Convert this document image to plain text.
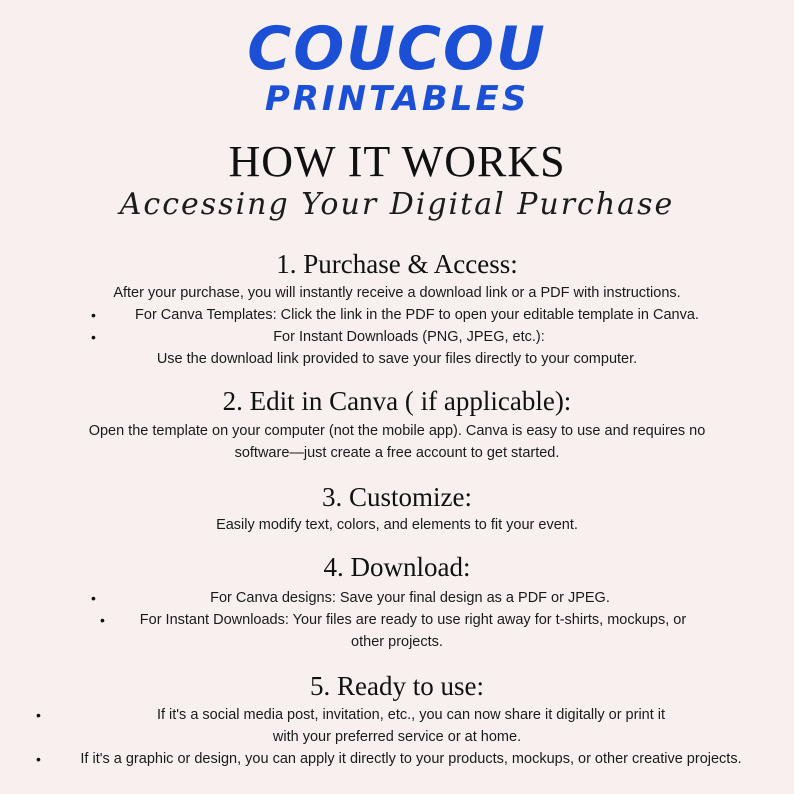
COUCOU
PRINTABLES
HOW IT WORKS
Accessing Your Digital Purchase
1. Purchase & Access:
After your purchase, you will instantly receive a download link or a PDF with instructions.
•	For Canva Templates: Click the link in the PDF to open your editable template in Canva.
•	For Instant Downloads (PNG, JPEG, etc.):
Use the download link provided to save your files directly to your computer.
2. Edit in Canva ( if applicable):
Open the template on your computer (not the mobile app). Canva is easy to use and requires no
software—just create a free account to get started.
3. Customize:
Easily modify text, colors, and elements to fit your event.
4. Download:
•	For Canva designs: Save your final design as a PDF or JPEG.
•	For Instant Downloads: Your files are ready to use right away for t-shirts, mockups, or
other projects.
5. Ready to use:
•	If it's a social media post, invitation, etc., you can now share it digitally or print it
with your preferred service or at home.
•	If it's a graphic or design, you can apply it directly to your products, mockups, or other creative projects.
